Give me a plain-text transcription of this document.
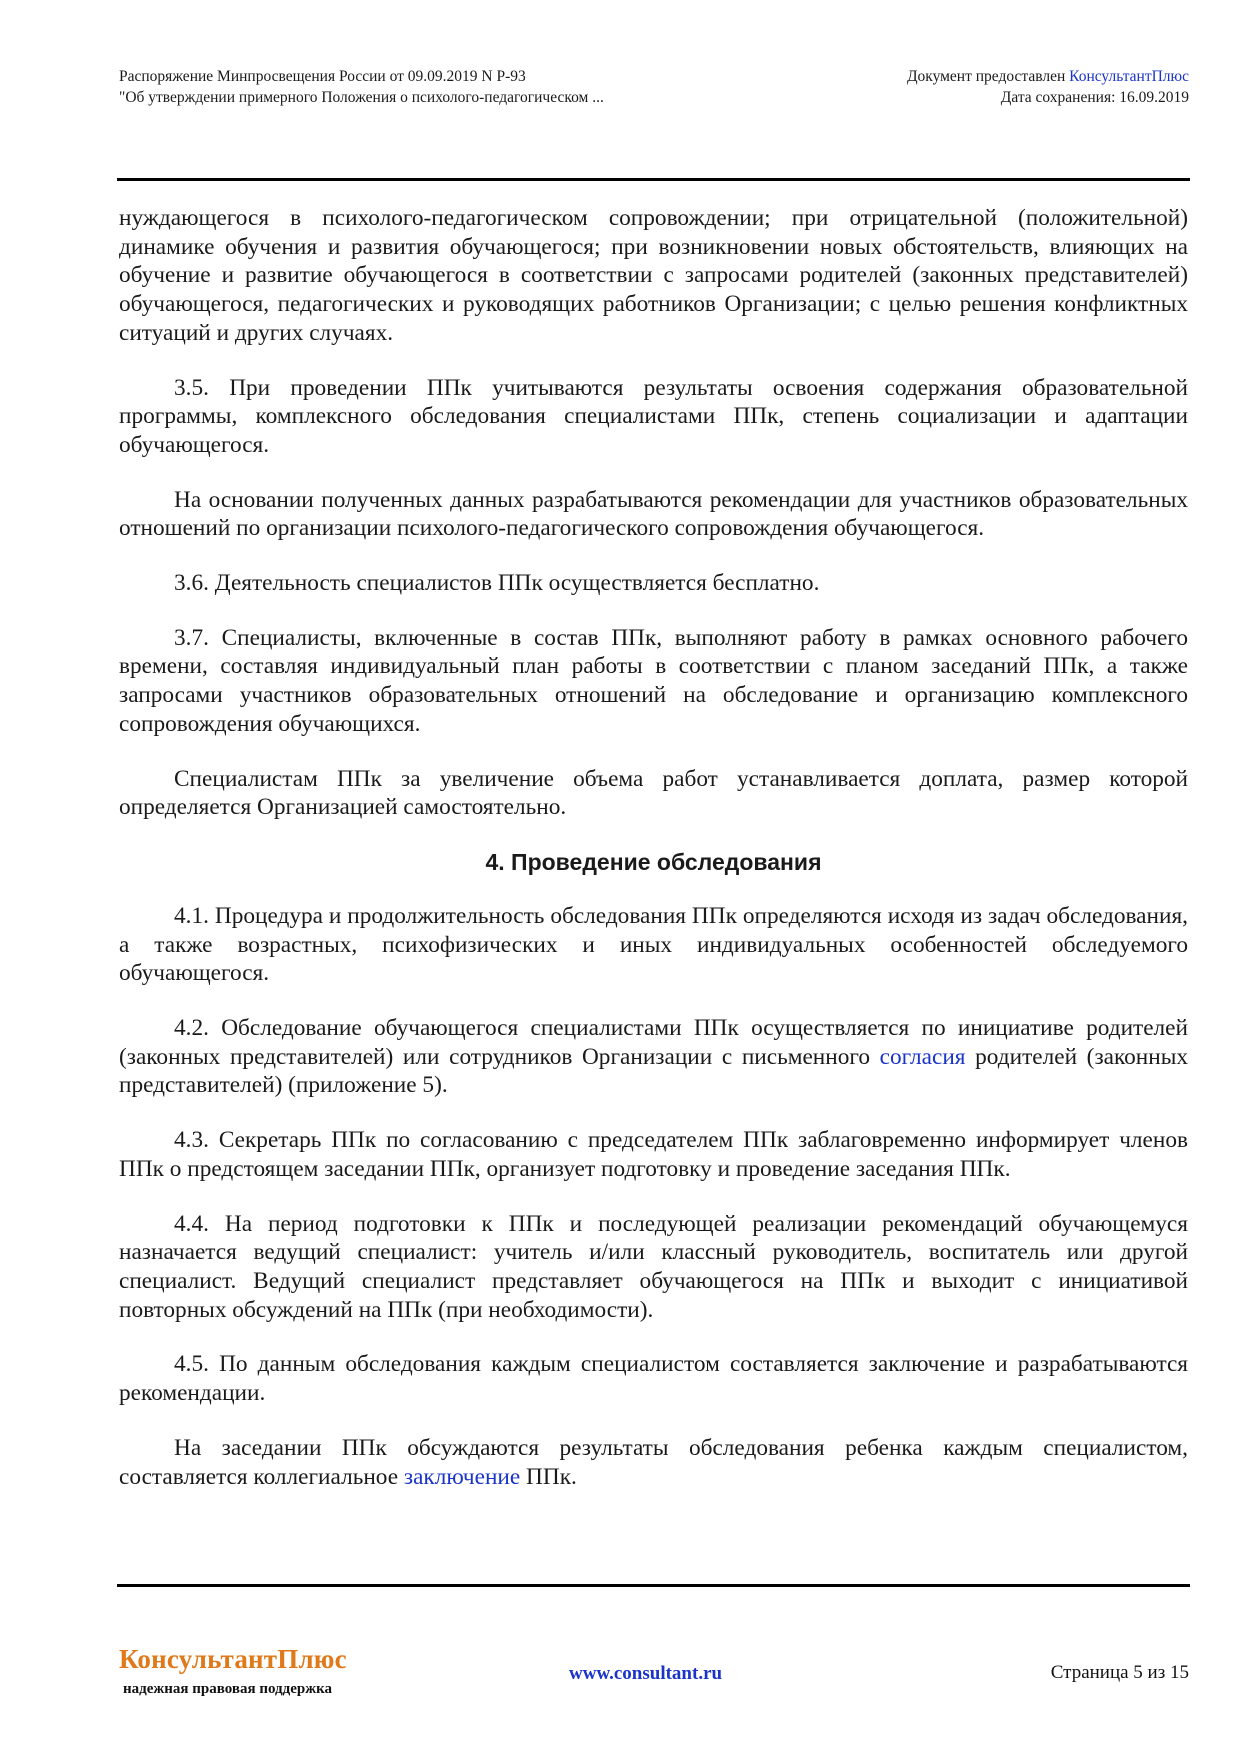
Распоряжение Минпросвещения России от 09.09.2019 N Р-93
"Об утверждении примерного Положения о психолого-педагогическом ...
Документ предоставлен КонсультантПлюс
Дата сохранения: 16.09.2019

нуждающегося в психолого-педагогическом сопровождении; при отрицательной (положительной) динамике обучения и развития обучающегося; при возникновении новых обстоятельств, влияющих на обучение и развитие обучающегося в соответствии с запросами родителей (законных представителей) обучающегося, педагогических и руководящих работников Организации; с целью решения конфликтных ситуаций и других случаях.

3.5. При проведении ППк учитываются результаты освоения содержания образовательной программы, комплексного обследования специалистами ППк, степень социализации и адаптации обучающегося.

На основании полученных данных разрабатываются рекомендации для участников образовательных отношений по организации психолого-педагогического сопровождения обучающегося.

3.6. Деятельность специалистов ППк осуществляется бесплатно.

3.7. Специалисты, включенные в состав ППк, выполняют работу в рамках основного рабочего времени, составляя индивидуальный план работы в соответствии с планом заседаний ППк, а также запросами участников образовательных отношений на обследование и организацию комплексного сопровождения обучающихся.

Специалистам ППк за увеличение объема работ устанавливается доплата, размер которой определяется Организацией самостоятельно.

4. Проведение обследования

4.1. Процедура и продолжительность обследования ППк определяются исходя из задач обследования, а также возрастных, психофизических и иных индивидуальных особенностей обследуемого обучающегося.

4.2. Обследование обучающегося специалистами ППк осуществляется по инициативе родителей (законных представителей) или сотрудников Организации с письменного согласия родителей (законных представителей) (приложение 5).

4.3. Секретарь ППк по согласованию с председателем ППк заблаговременно информирует членов ППк о предстоящем заседании ППк, организует подготовку и проведение заседания ППк.

4.4. На период подготовки к ППк и последующей реализации рекомендаций обучающемуся назначается ведущий специалист: учитель и/или классный руководитель, воспитатель или другой специалист. Ведущий специалист представляет обучающегося на ППк и выходит с инициативой повторных обсуждений на ППк (при необходимости).

4.5. По данным обследования каждым специалистом составляется заключение и разрабатываются рекомендации.

На заседании ППк обсуждаются результаты обследования ребенка каждым специалистом, составляется коллегиальное заключение ППк.

КонсультантПлюс
надежная правовая поддержка
www.consultant.ru	Страница 5 из 15
